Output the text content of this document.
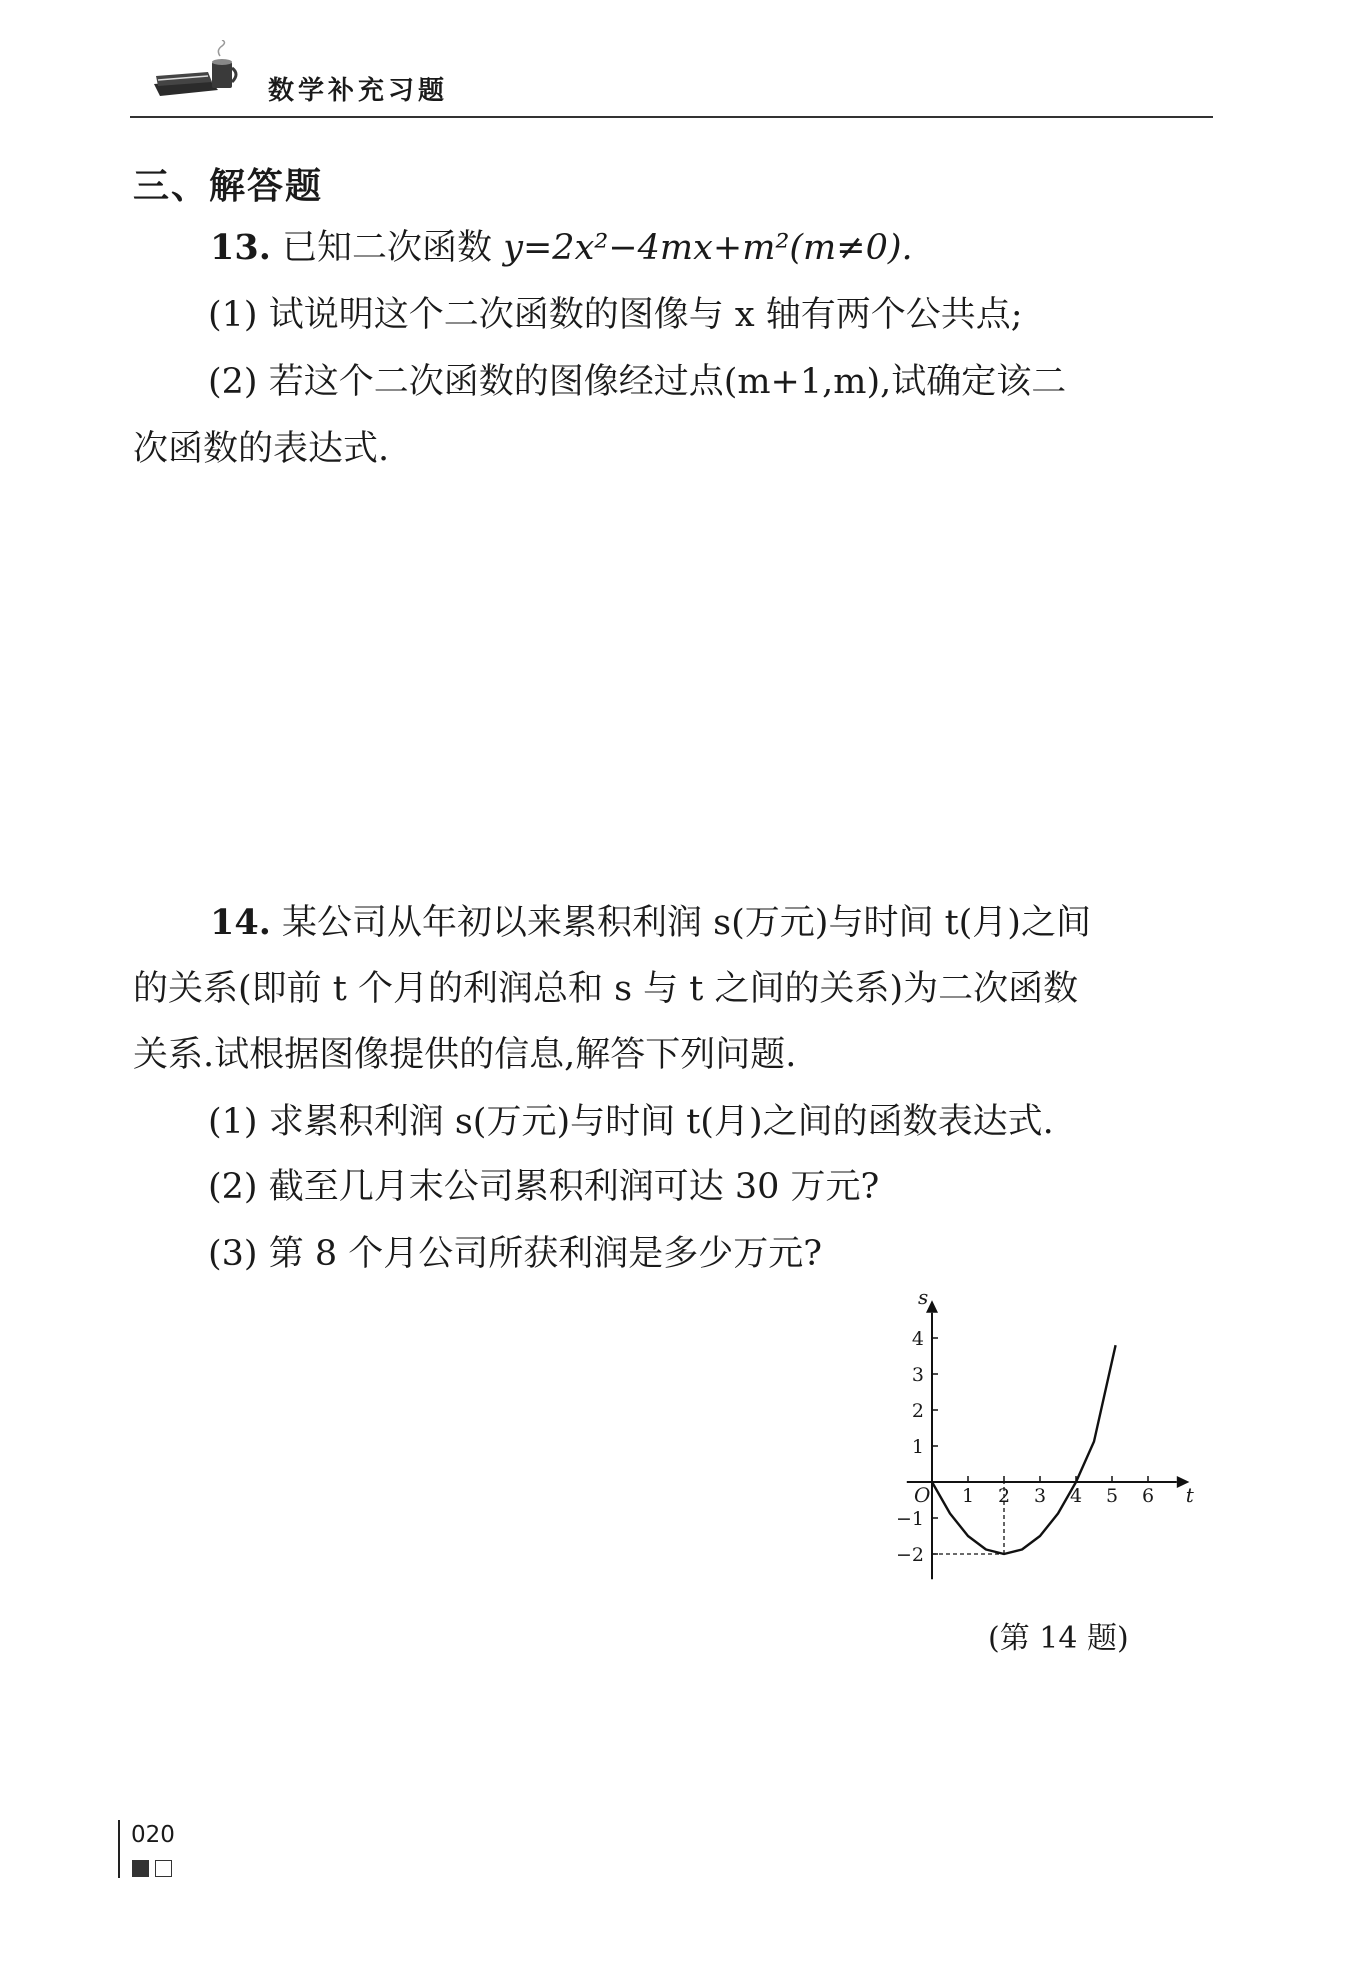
数学补充习题
三、解答题
13. 已知二次函数 y=2x²−4mx+m²(m≠0).
(1) 试说明这个二次函数的图像与 x 轴有两个公共点;
(2) 若这个二次函数的图像经过点(m+1,m),试确定该二
次函数的表达式.
14. 某公司从年初以来累积利润 s(万元)与时间 t(月)之间
的关系(即前 t 个月的利润总和 s 与 t 之间的关系)为二次函数
关系.试根据图像提供的信息,解答下列问题.
(1) 求累积利润 s(万元)与时间 t(月)之间的函数表达式.
(2) 截至几月末公司累积利润可达 30 万元?
(3) 第 8 个月公司所获利润是多少万元?
1 2 3 4 5 6
4
3
2
1
−1
−2
t
s
O
(第 14 题)
020
